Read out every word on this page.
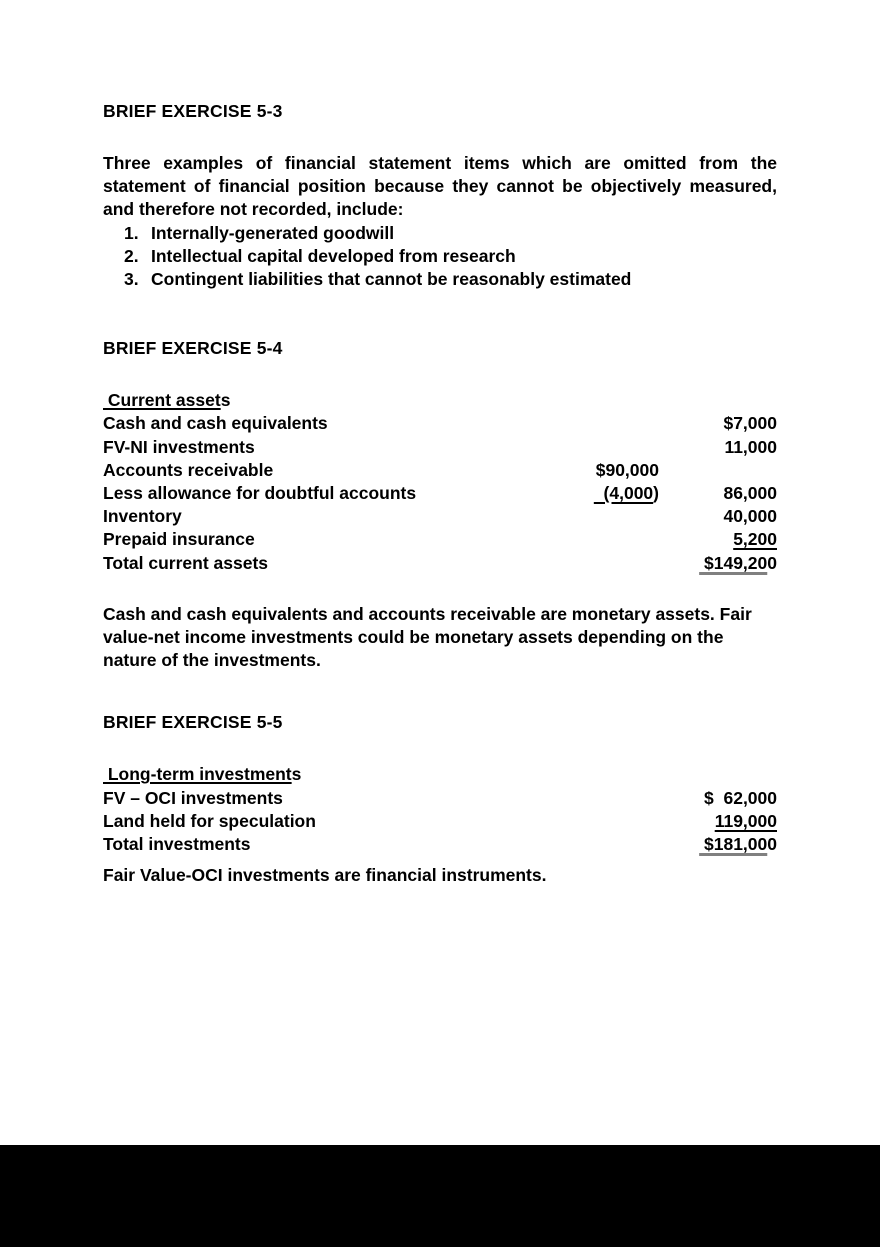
BRIEF EXERCISE 5-3

Three examples of financial statement items which are omitted from the statement of financial position because they cannot be objectively measured, and therefore not recorded, include:

1. Internally-generated goodwill
2. Intellectual capital developed from research
3. Contingent liabilities that cannot be reasonably estimated
BRIEF EXERCISE 5-4
Current assets		
Cash and cash equivalents		$7,000
FV-NI investments		11,000
Accounts receivable	$90,000	
Less allowance for doubtful accounts	(4,000)	86,000
Inventory		40,000
Prepaid insurance		5,200
Total current assets		$149,200

Cash and cash equivalents and accounts receivable are monetary assets. Fair value-net income investments could be monetary assets depending on the nature of the investments.

BRIEF EXERCISE 5-5
Long-term investments		
FV – OCI investments		$  62,000
Land held for speculation		119,000
Total investments		$181,000

Fair Value-OCI investments are financial instruments.
